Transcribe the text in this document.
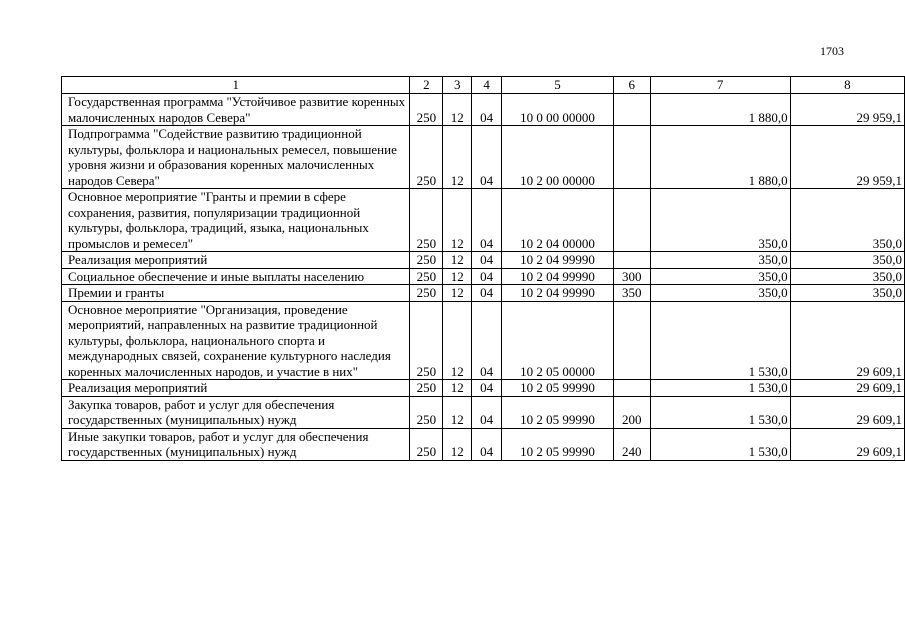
1703
1	2	3	4	5	6	7	8
Государственная программа "Устойчивое развитие коренных малочисленных народов Севера"	250	12	04	10 0 00 00000		1 880,0	29 959,1
Подпрограмма "Содействие развитию традиционной культуры, фольклора и национальных ремесел, повышение уровня жизни и образования коренных малочисленных народов Севера"	250	12	04	10 2 00 00000		1 880,0	29 959,1
Основное мероприятие "Гранты и премии в сфере сохранения, развития, популяризации традиционной культуры, фольклора, традиций, языка, национальных промыслов и ремесел"	250	12	04	10 2 04 00000		350,0	350,0
Реализация мероприятий	250	12	04	10 2 04 99990		350,0	350,0
Социальное обеспечение и иные выплаты населению	250	12	04	10 2 04 99990	300	350,0	350,0
Премии и гранты	250	12	04	10 2 04 99990	350	350,0	350,0
Основное мероприятие "Организация, проведение мероприятий, направленных на развитие традиционной культуры, фольклора, национального спорта и международных связей, сохранение культурного наследия коренных малочисленных народов, и участие в них"	250	12	04	10 2 05 00000		1 530,0	29 609,1
Реализация мероприятий	250	12	04	10 2 05 99990		1 530,0	29 609,1
Закупка товаров, работ и услуг для обеспечения государственных (муниципальных) нужд	250	12	04	10 2 05 99990	200	1 530,0	29 609,1
Иные закупки товаров, работ и услуг для обеспечения государственных (муниципальных) нужд	250	12	04	10 2 05 99990	240	1 530,0	29 609,1
